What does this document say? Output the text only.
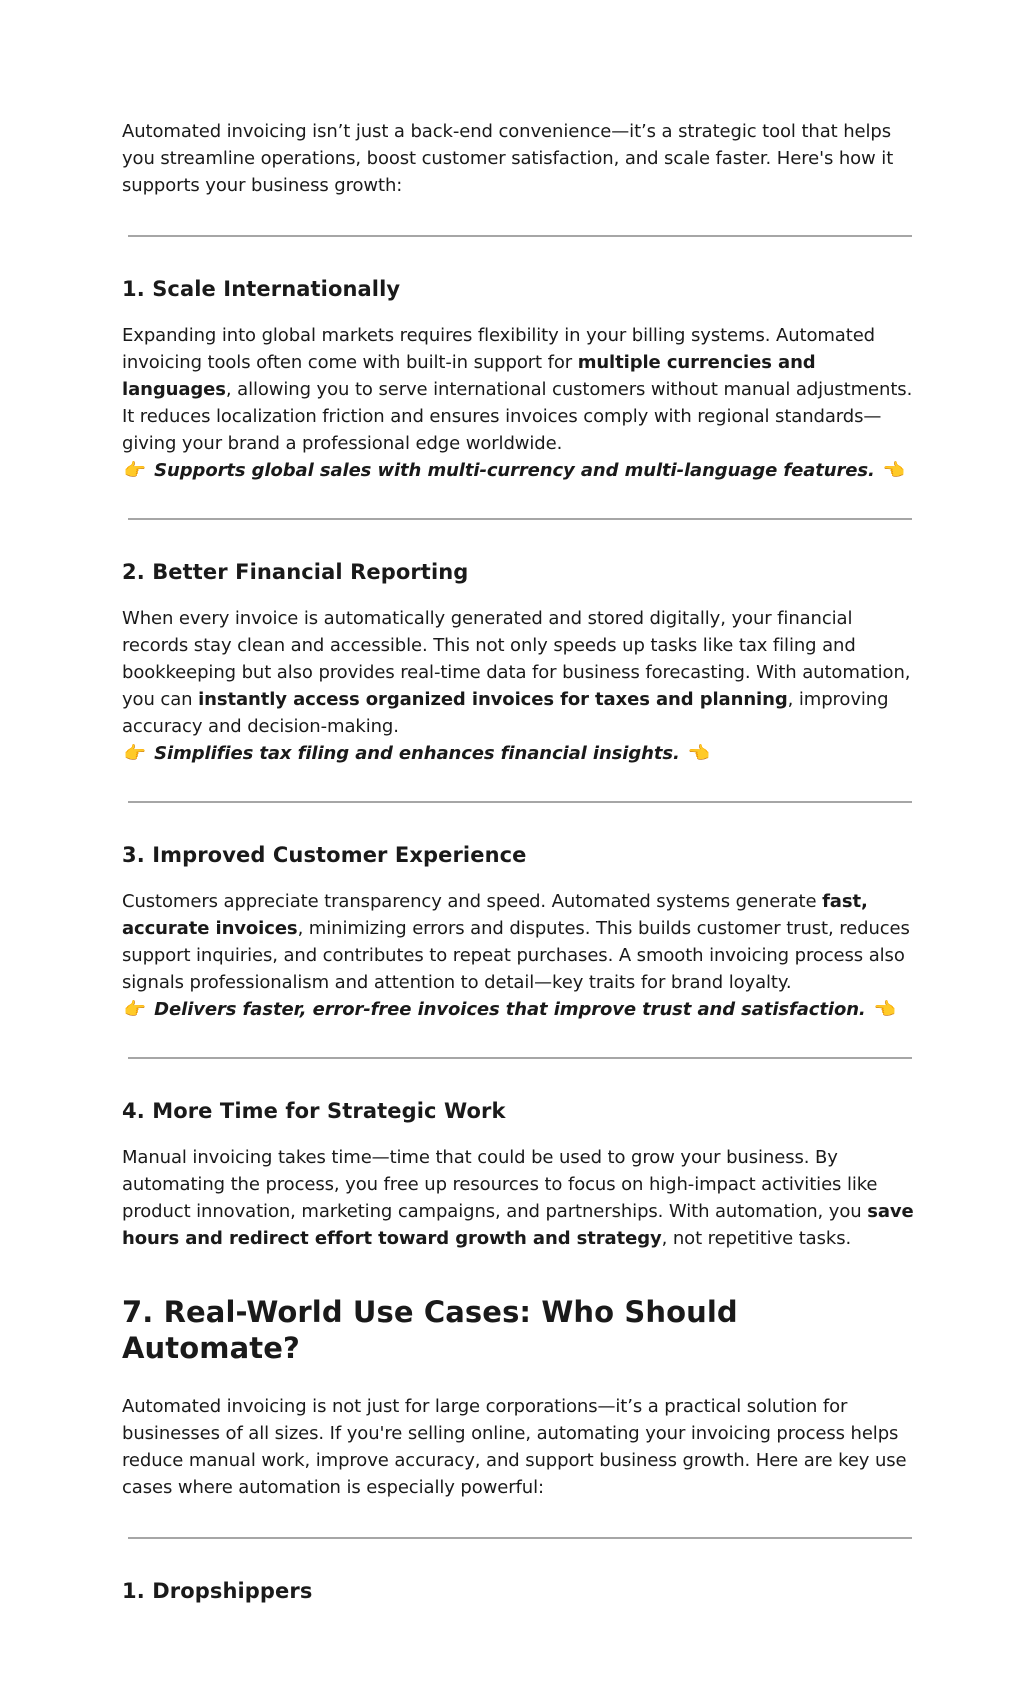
Automated invoicing isn’t just a back-end convenience—it’s a strategic tool that helps you streamline operations, boost customer satisfaction, and scale faster. Here's how it supports your business growth:

1. Scale Internationally

Expanding into global markets requires flexibility in your billing systems. Automated invoicing tools often come with built-in support for multiple currencies and languages, allowing you to serve international customers without manual adjustments. It reduces localization friction and ensures invoices comply with regional standards—giving your brand a professional edge worldwide.
👉 Supports global sales with multi-currency and multi-language features. 👈

2. Better Financial Reporting

When every invoice is automatically generated and stored digitally, your financial records stay clean and accessible. This not only speeds up tasks like tax filing and bookkeeping but also provides real-time data for business forecasting. With automation, you can instantly access organized invoices for taxes and planning, improving accuracy and decision-making.
👉 Simplifies tax filing and enhances financial insights. 👈

3. Improved Customer Experience

Customers appreciate transparency and speed. Automated systems generate fast, accurate invoices, minimizing errors and disputes. This builds customer trust, reduces support inquiries, and contributes to repeat purchases. A smooth invoicing process also signals professionalism and attention to detail—key traits for brand loyalty.
👉 Delivers faster, error-free invoices that improve trust and satisfaction. 👈

4. More Time for Strategic Work

Manual invoicing takes time—time that could be used to grow your business. By automating the process, you free up resources to focus on high-impact activities like product innovation, marketing campaigns, and partnerships. With automation, you save hours and redirect effort toward growth and strategy, not repetitive tasks.

7. Real-World Use Cases: Who Should Automate?

Automated invoicing is not just for large corporations—it’s a practical solution for businesses of all sizes. If you're selling online, automating your invoicing process helps reduce manual work, improve accuracy, and support business growth. Here are key use cases where automation is especially powerful:

1. Dropshippers
